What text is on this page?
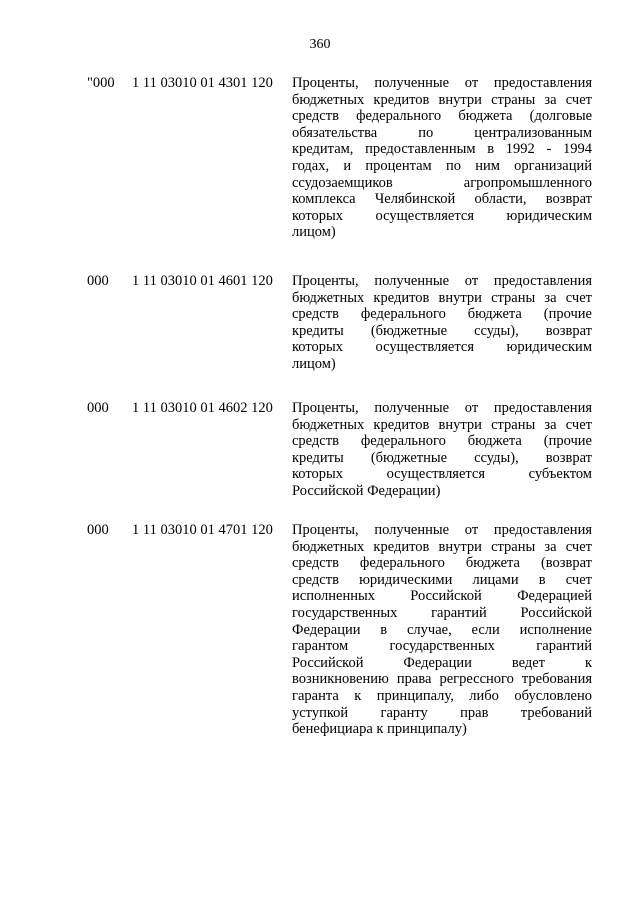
360
"000 1 11 03010 01 4301 120 Проценты, полученные от предоставления
бюджетных кредитов внутри страны за счет
средств федерального бюджета (долговые
обязательства по централизованным
кредитам, предоставленным в 1992 - 1994
годах, и процентам по ним организаций
ссудозаемщиков агропромышленного
комплекса Челябинской области, возврат
которых осуществляется юридическим
лицом)
000 1 11 03010 01 4601 120 Проценты, полученные от предоставления
бюджетных кредитов внутри страны за счет
средств федерального бюджета (прочие
кредиты (бюджетные ссуды), возврат
которых осуществляется юридическим
лицом)
000 1 11 03010 01 4602 120 Проценты, полученные от предоставления
бюджетных кредитов внутри страны за счет
средств федерального бюджета (прочие
кредиты (бюджетные ссуды), возврат
которых осуществляется субъектом
Российской Федерации)
000 1 11 03010 01 4701 120 Проценты, полученные от предоставления
бюджетных кредитов внутри страны за счет
средств федерального бюджета (возврат
средств юридическими лицами в счет
исполненных Российской Федерацией
государственных гарантий Российской
Федерации в случае, если исполнение
гарантом государственных гарантий
Российской Федерации ведет к
возникновению права регрессного требования
гаранта к принципалу, либо обусловлено
уступкой гаранту прав требований
бенефициара к принципалу)
